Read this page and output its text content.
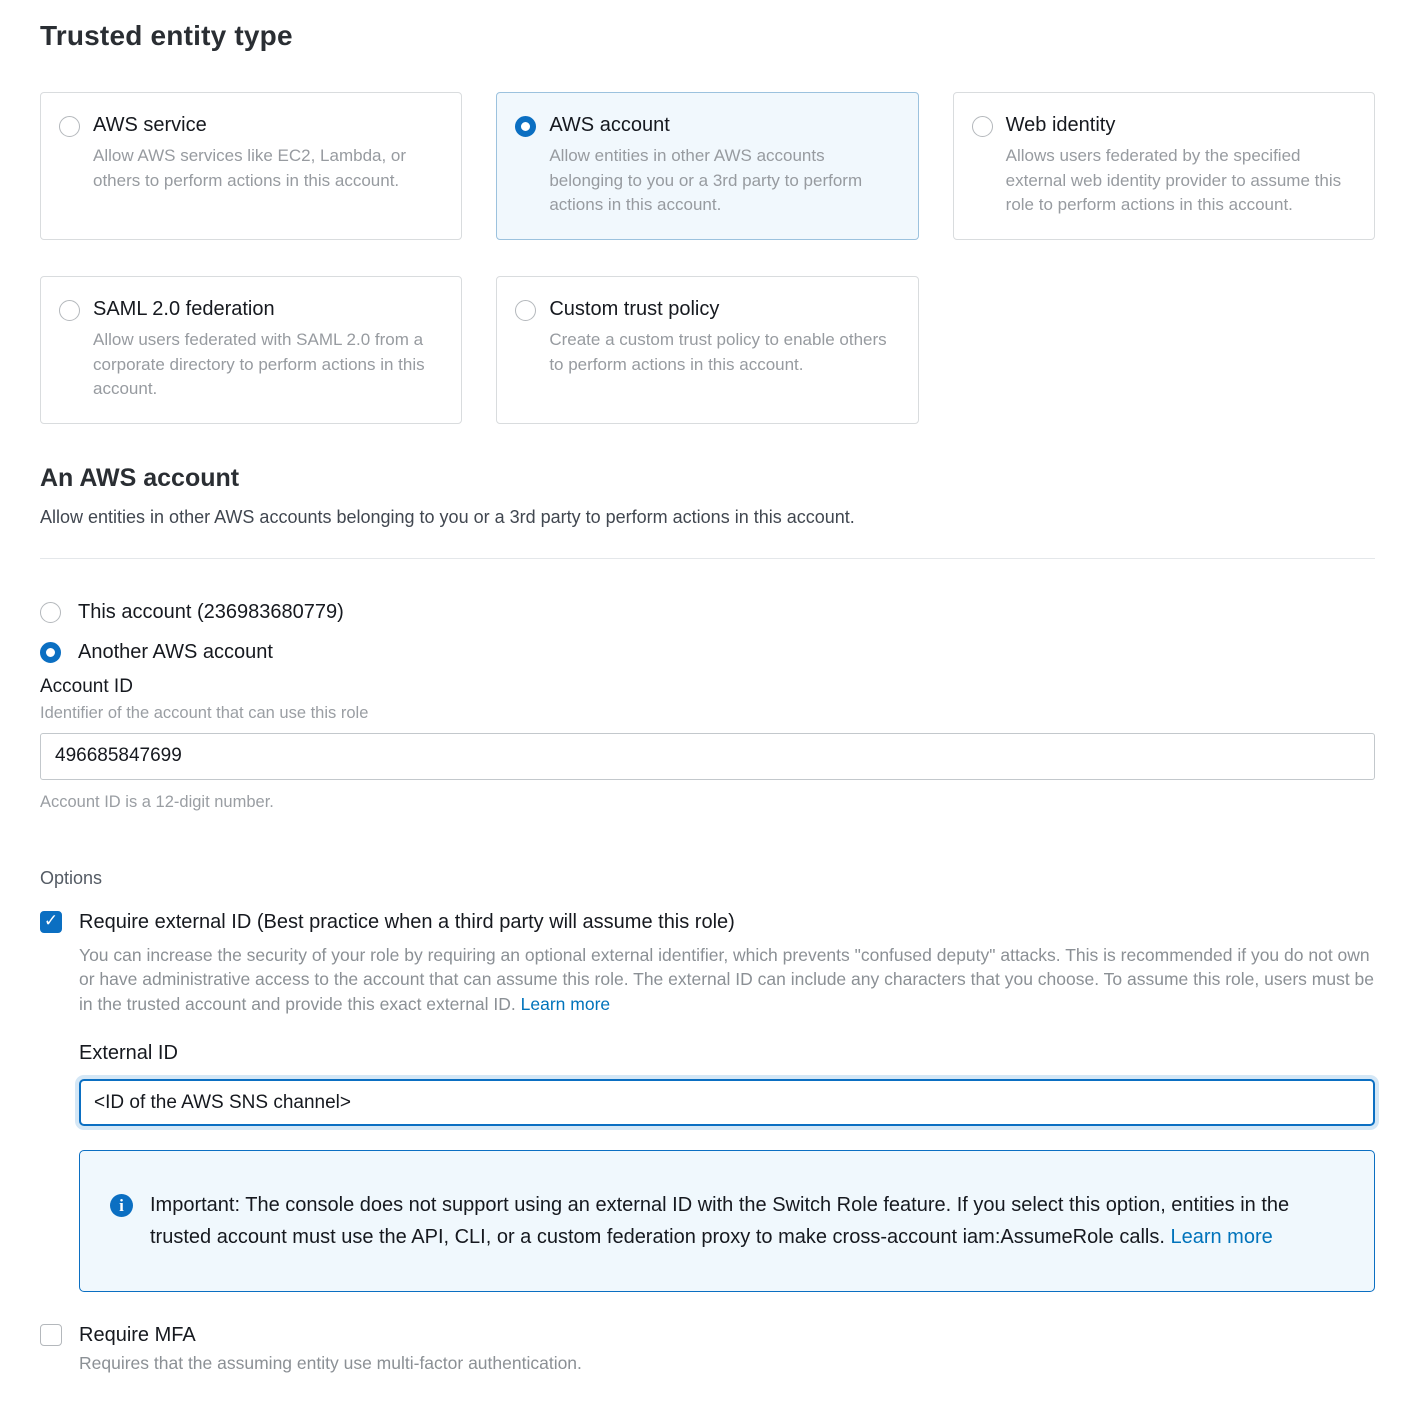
Trusted entity type

AWS service

Allow AWS services like EC2, Lambda, or others to perform actions in this account.

AWS account

Allow entities in other AWS accounts belonging to you or a 3rd party to perform actions in this account.

Web identity

Allows users federated by the specified external web identity provider to assume this role to perform actions in this account.

SAML 2.0 federation

Allow users federated with SAML 2.0 from a corporate directory to perform actions in this account.

Custom trust policy

Create a custom trust policy to enable others to perform actions in this account.

An AWS account

Allow entities in other AWS accounts belonging to you or a 3rd party to perform actions in this account.

This account (236983680779)
Another AWS account

Account ID

Identifier of the account that can use this role

496685847699

Account ID is a 12-digit number.

Options

✓
Require external ID (Best practice when a third party will assume this role)

You can increase the security of your role by requiring an optional external identifier, which prevents "confused deputy" attacks. This is recommended if you do not own or have administrative access to the account that can assume this role. The external ID can include any characters that you choose. To assume this role, users must be in the trusted account and provide this exact external ID. Learn more

External ID

<ID of the AWS SNS channel>
i	Important: The console does not support using an external ID with the Switch Role feature. If you select this option, entities in the trusted account must use the API, CLI, or a custom federation proxy to make cross-account iam:AssumeRole calls. Learn more

Require MFA

Requires that the assuming entity use multi-factor authentication.
